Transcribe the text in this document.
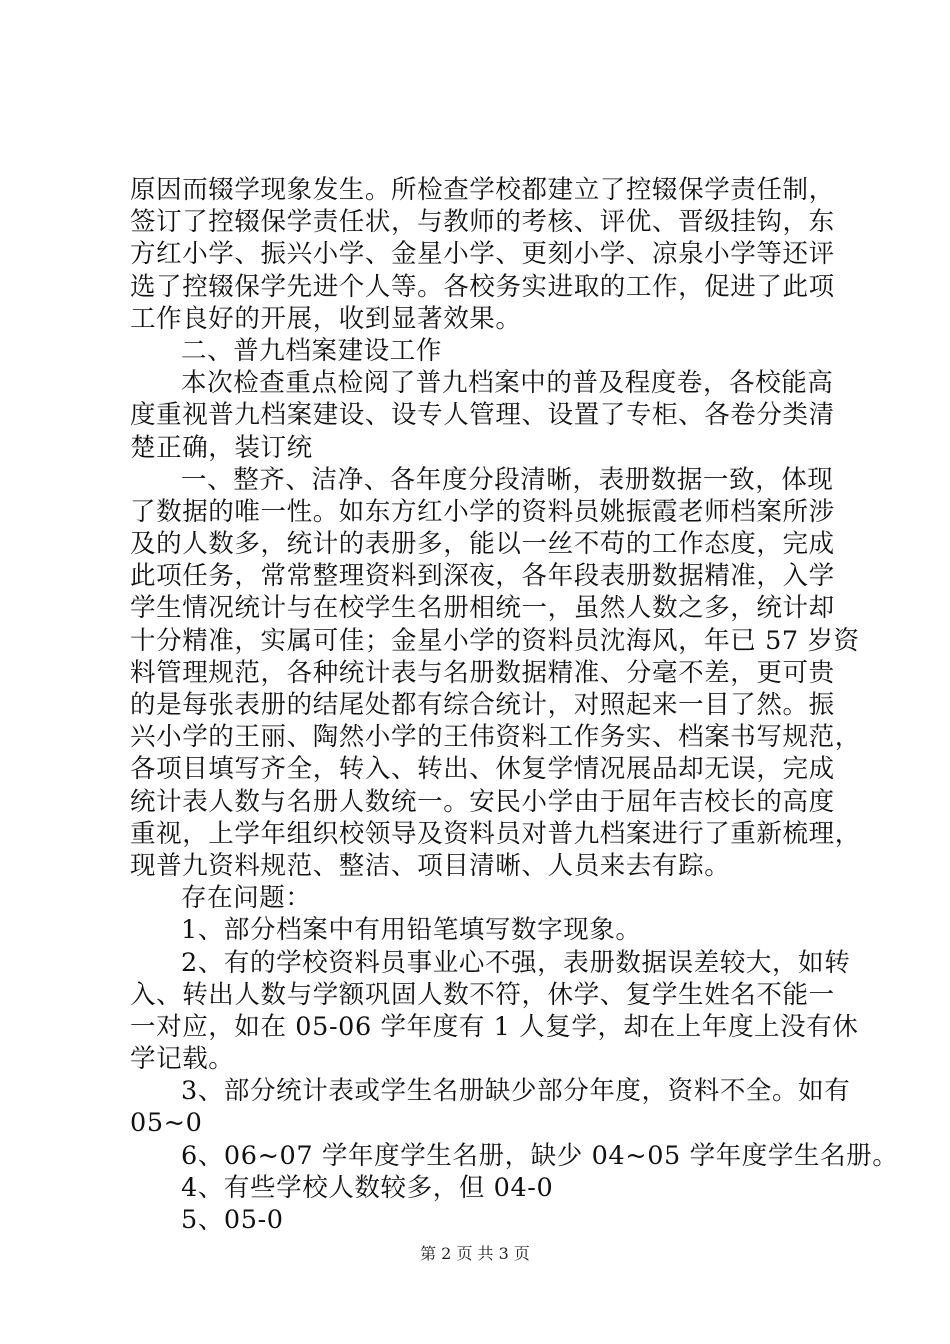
原因而辍学现象发生。所检查学校都建立了控辍保学责任制，
签订了控辍保学责任状，与教师的考核、评优、晋级挂钩，东
方红小学、振兴小学、金星小学、更刻小学、凉泉小学等还评
选了控辍保学先进个人等。各校务实进取的工作，促进了此项
工作良好的开展，收到显著效果。
二、普九档案建设工作
本次检查重点检阅了普九档案中的普及程度卷，各校能高
度重视普九档案建设、设专人管理、设置了专柜、各卷分类清
楚正确，装订统
一、整齐、洁净、各年度分段清晰，表册数据一致，体现
了数据的唯一性。如东方红小学的资料员姚振霞老师档案所涉
及的人数多，统计的表册多，能以一丝不苟的工作态度，完成
此项任务，常常整理资料到深夜，各年段表册数据精准，入学
学生情况统计与在校学生名册相统一，虽然人数之多，统计却
十分精准，实属可佳；金星小学的资料员沈海风，年已 57 岁资
料管理规范，各种统计表与名册数据精准、分毫不差，更可贵
的是每张表册的结尾处都有综合统计，对照起来一目了然。振
兴小学的王丽、陶然小学的王伟资料工作务实、档案书写规范，
各项目填写齐全，转入、转出、休复学情况展品却无误，完成
统计表人数与名册人数统一。安民小学由于屈年吉校长的高度
重视，上学年组织校领导及资料员对普九档案进行了重新梳理，
现普九资料规范、整洁、项目清晰、人员来去有踪。
存在问题：
1、部分档案中有用铅笔填写数字现象。
2、有的学校资料员事业心不强，表册数据误差较大，如转
入、转出人数与学额巩固人数不符，休学、复学生姓名不能一
一对应，如在 05-06 学年度有 1 人复学，却在上年度上没有休
学记载。
3、部分统计表或学生名册缺少部分年度，资料不全。如有
05~0
6、06~07 学年度学生名册，缺少 04~05 学年度学生名册。
4、有些学校人数较多，但 04-0
5、05-0
第 2 页 共 3 页
